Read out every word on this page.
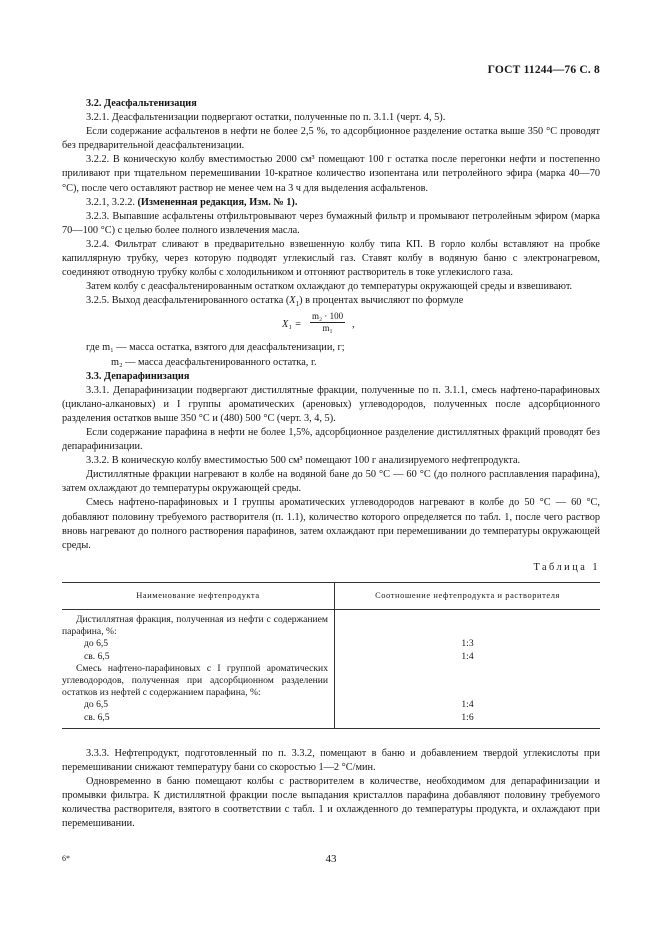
ГОСТ 11244—76 С. 8

3.2. Деасфальтенизация

3.2.1. Деасфальтенизации подвергают остатки, полученные по п. 3.1.1 (черт. 4, 5).

Если содержание асфальтенов в нефти не более 2,5 %, то адсорбционное разделение остатка выше 350 °С проводят без предварительной деасфальтенизации.

3.2.2. В коническую колбу вместимостью 2000 см³ помещают 100 г остатка после перегонки нефти и постепенно приливают при тщательном перемешивании 10-кратное количество изопентана или петролейного эфира (марка 40—70 °С), после чего оставляют раствор не менее чем на 3 ч для выделения асфальтенов.

3.2.1, 3.2.2. (Измененная редакция, Изм. № 1).

3.2.3. Выпавшие асфальтены отфильтровывают через бумажный фильтр и промывают петролейным эфиром (марка 70—100 °С) с целью более полного извлечения масла.

3.2.4. Фильтрат сливают в предварительно взвешенную колбу типа КП. В горло колбы вставляют на пробке капиллярную трубку, через которую подводят углекислый газ. Ставят колбу в водяную баню с электронагревом, соединяют отводную трубку колбы с холодильником и отгоняют растворитель в токе углекислого газа.

Затем колбу с деасфальтенированным остатком охлаждают до температуры окружающей среды и взвешивают.

3.2.5. Выход деасфальтенированного остатка $(X_1)$ в процентах вычисляют по формуле

$X_1 = \frac{\text{m₂ · 100}}{\text{m₁}}$ ,

где m₁ — масса остатка, взятого для деасфальтенизации, г;

m₂ — масса деасфальтенированного остатка, г.

3.3. Депарафинизация

3.3.1. Депарафинизации подвергают дистиллятные фракции, полученные по п. 3.1.1, смесь нафтено-парафиновых (циклано-алкановых) и I группы ароматических (ареновых) углеводородов, полученных после адсорбционного разделения остатков выше 350 °С и (480) 500 °С (черт. 3, 4, 5).

Если содержание парафина в нефти не более 1,5%, адсорбционное разделение дистиллятных фракций проводят без депарафинизации.

3.3.2. В коническую колбу вместимостью 500 см³ помещают 100 г анализируемого нефтепродукта.

Дистиллятные фракции нагревают в колбе на водяной бане до 50 °С — 60 °С (до полного расплавления парафина), затем охлаждают до температуры окружающей среды.

Смесь нафтено-парафиновых и I группы ароматических углеводородов нагревают в колбе до 50 °С — 60 °С, добавляют половину требуемого растворителя (п. 1.1), количество которого определяется по табл. 1, после чего раствор вновь нагревают до полного растворения парафинов, затем охлаждают при перемешивании до температуры окружающей среды.

Таблица 1
Наименование нефтепродукта	Соотношение нефтепродукта и растворителя

Дистиллятная фракция, полученная из нефти с содержанием парафина, %:	
до 6,5	1:3
св. 6,5	1:4
Смесь нафтено-парафиновых с I группой ароматических углеводородов, полученная при адсорбционном разделении остатков из нефтей с содержанием парафина, %:	
до 6,5	1:4
св. 6,5	1:6

3.3.3. Нефтепродукт, подготовленный по п. 3.3.2, помещают в баню и добавлением твердой углекислоты при перемешивании снижают температуру бани со скоростью 1—2 °С/мин.

Одновременно в баню помещают колбы с растворителем в количестве, необходимом для депарафинизации и промывки фильтра. К дистиллятной фракции после выпадания кристаллов парафина добавляют половину требуемого количества растворителя, взятого в соответствии с табл. 1 и охлажденного до температуры продукта, и охлаждают при перемешивании.

6*	43
